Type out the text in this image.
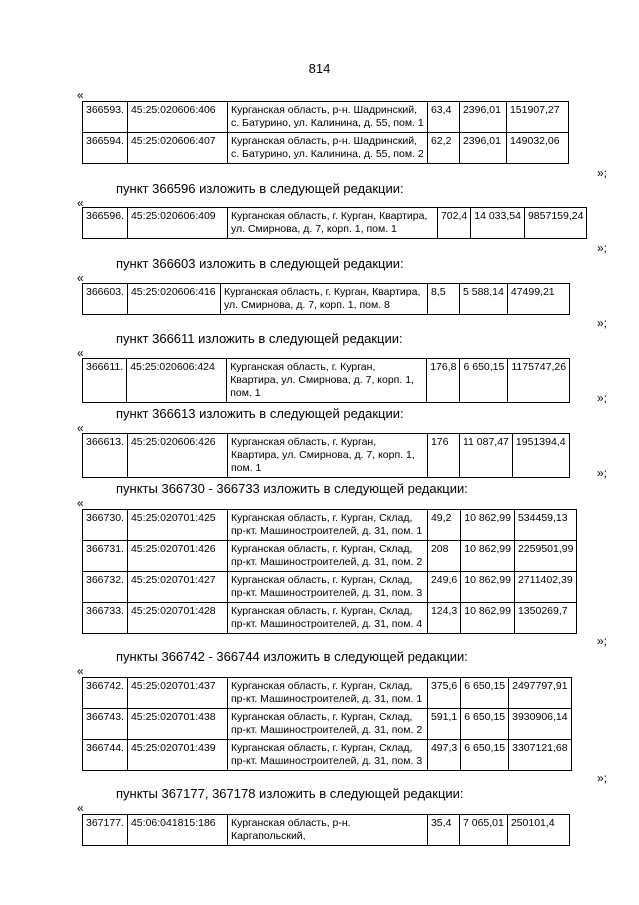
814
«
366593.	45:25:020606:406	Курганская область, р-н. Шадринский, с. Батурино, ул. Калинина, д. 55, пом. 1	63,4	2396,01	151907,27
366594.	45:25:020606:407	Курганская область, р-н. Шадринский, с. Батурино, ул. Калинина, д. 55, пом. 2	62,2	2396,01	149032,06
»;
пункт 366596 изложить в следующей редакции:
«
366596.	45:25:020606:409	Курганская область, г. Курган, Квартира, ул. Смирнова, д. 7, корп. 1, пом. 1	702,4	14 033,54	9857159,24
»;
пункт 366603 изложить в следующей редакции:
«
366603.	45:25:020606:416	Курганская область, г. Курган, Квартира, ул. Смирнова, д. 7, корп. 1, пом. 8	8,5	5 588,14	47499,21
»;
пункт 366611 изложить в следующей редакции:
«
366611.	45:25:020606:424	Курганская область, г. Курган, Квартира, ул. Смирнова, д. 7, корп. 1, пом. 1	176,8	6 650,15	1175747,26
»;
пункт 366613 изложить в следующей редакции:
«
366613.	45:25:020606:426	Курганская область, г. Курган, Квартира, ул. Смирнова, д. 7, корп. 1, пом. 1	176	11 087,47	1951394,4
»;
пункты 366730 - 366733 изложить в следующей редакции:
«
366730.	45:25:020701:425	Курганская область, г. Курган, Склад, пр-кт. Машиностроителей, д. 31, пом. 1	49,2	10 862,99	534459,13
366731.	45:25:020701:426	Курганская область, г. Курган, Склад, пр-кт. Машиностроителей, д. 31, пом. 2	208	10 862,99	2259501,99
366732.	45:25:020701:427	Курганская область, г. Курган, Склад, пр-кт. Машиностроителей, д. 31, пом. 3	249,6	10 862,99	2711402,39
366733.	45:25:020701:428	Курганская область, г. Курган, Склад, пр-кт. Машиностроителей, д. 31, пом. 4	124,3	10 862,99	1350269,7
»;
пункты 366742 - 366744 изложить в следующей редакции:
«
366742.	45:25:020701:437	Курганская область, г. Курган, Склад, пр-кт. Машиностроителей, д. 31, пом. 1	375,6	6 650,15	2497797,91
366743.	45:25:020701:438	Курганская область, г. Курган, Склад, пр-кт. Машиностроителей, д. 31, пом. 2	591,1	6 650,15	3930906,14
366744.	45:25:020701:439	Курганская область, г. Курган, Склад, пр-кт. Машиностроителей, д. 31, пом. 3	497,3	6 650,15	3307121,68
»;
пункты 367177, 367178 изложить в следующей редакции:
«
367177.	45:06:041815:186	Курганская область, р-н. Каргапольский,	35,4	7 065,01	250101,4
